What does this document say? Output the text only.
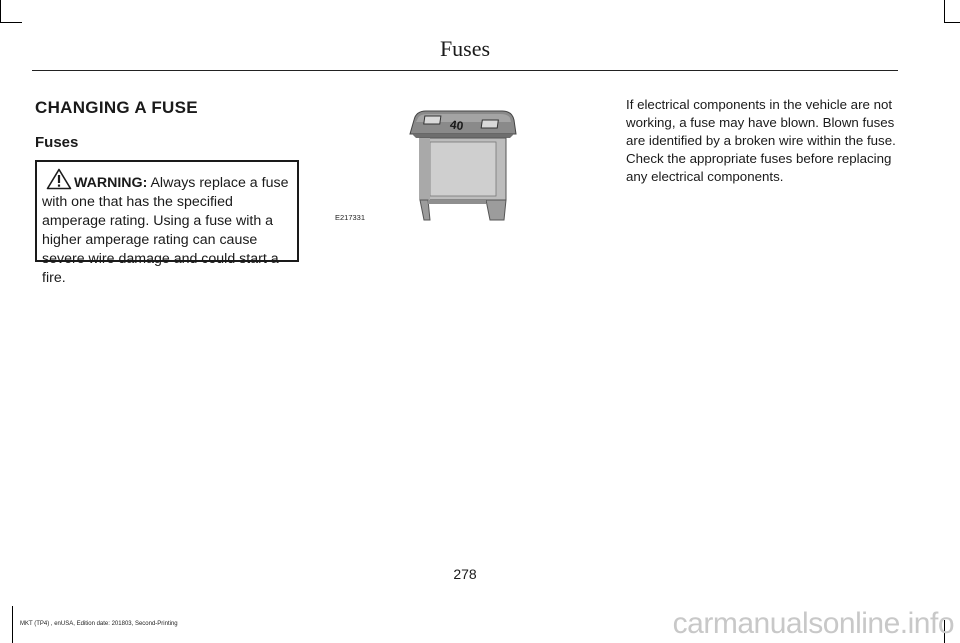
Fuses
CHANGING A FUSE
Fuses
WARNING: Always replace a fuse with one that has the specified amperage rating. Using a fuse with a higher amperage rating can cause severe wire damage and could start a fire.
40
E217331
If electrical components in the vehicle are not working, a fuse may have blown. Blown fuses are identified by a broken wire within the fuse. Check the appropriate fuses before replacing any electrical components.
278
MKT (TP4) , enUSA, Edition date: 201803, Second-Printing	carmanualsonline.info
